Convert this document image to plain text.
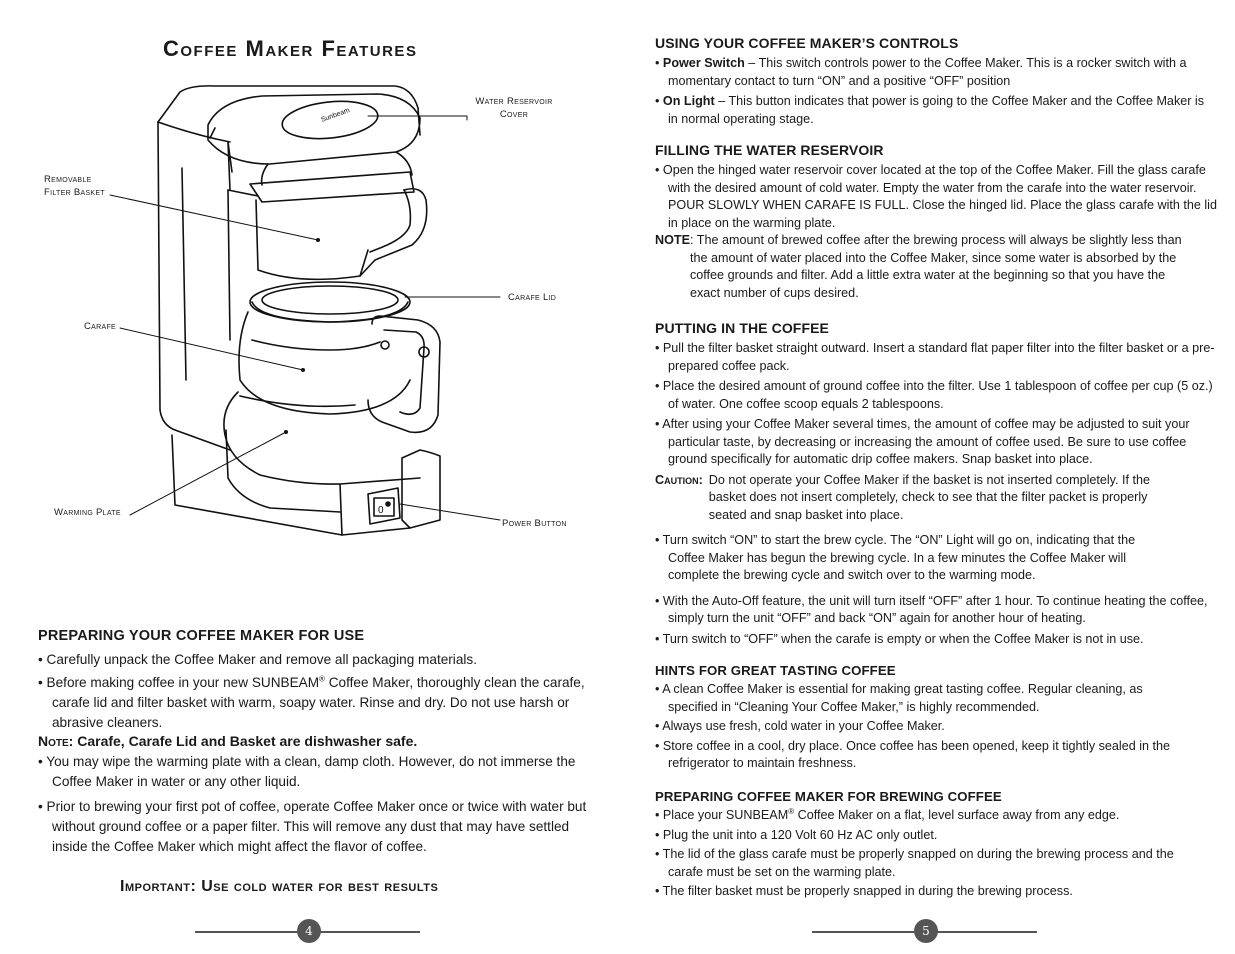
Coffee Maker Features
Sunbeam
0
Water Reservoir
Cover
Removable
Filter Basket
Carafe Lid
Carafe
Warming Plate
Power Button
PREPARING YOUR COFFEE MAKER FOR USE

• Carefully unpack the Coffee Maker and remove all packaging materials.

• Before making coffee in your new SUNBEAM® Coffee Maker, thoroughly clean the carafe, carafe lid and filter basket with warm, soapy water. Rinse and dry. Do not use harsh or abrasive cleaners.

Note: Carafe, Carafe Lid and Basket are dishwasher safe.

• You may wipe the warming plate with a clean, damp cloth. However, do not immerse the Coffee Maker in water or any other liquid.

• Prior to brewing your first pot of coffee, operate Coffee Maker once or twice with water but without ground coffee or a paper filter. This will remove any dust that may have settled inside the Coffee Maker which might affect the flavor of coffee.

Important: Use cold water for best results
4
USING YOUR COFFEE MAKER’S CONTROLS

• Power Switch – This switch controls power to the Coffee Maker. This is a rocker switch with a momentary contact to turn “ON” and a positive “OFF” position

• On Light – This button indicates that power is going to the Coffee Maker and the Coffee Maker is in normal operating stage.

FILLING THE WATER RESERVOIR

• Open the hinged water reservoir cover located at the top of the Coffee Maker. Fill the glass carafe with the desired amount of cold water. Empty the water from the carafe into the water reservoir. POUR SLOWLY WHEN CARAFE IS FULL. Close the hinged lid. Place the glass carafe with the lid in place on the warming plate.

NOTE : The amount of brewed coffee after the brewing process will always be slightly less than the amount of water placed into the Coffee Maker, since some water is absorbed by the coffee grounds and filter. Add a little extra water at the beginning so that you have the exact number of cups desired.
PUTTING IN THE COFFEE

• Pull the filter basket straight outward. Insert a standard flat paper filter into the filter basket or a pre-prepared coffee pack.

• Place the desired amount of ground coffee into the filter. Use 1 tablespoon of coffee per cup (5 oz.) of water. One coffee scoop equals 2 tablespoons.

• After using your Coffee Maker several times, the amount of coffee may be adjusted to suit your particular taste, by decreasing or increasing the amount of coffee used. Be sure to use coffee ground specifically for automatic drip coffee makers. Snap basket into place.

Caution: Do not operate your Coffee Maker if the basket is not inserted completely. If the basket does not insert completely, check to see that the filter packet is properly seated and snap basket into place.

• Turn switch “ON” to start the brew cycle. The “ON” Light will go on, indicating that the Coffee Maker has begun the brewing cycle. In a few minutes the Coffee Maker will complete the brewing cycle and switch over to the warming mode.

• With the Auto-Off feature, the unit will turn itself “OFF” after 1 hour. To continue heating the coffee, simply turn the unit “OFF” and back “ON” again for another hour of heating.

• Turn switch to “OFF” when the carafe is empty or when the Coffee Maker is not in use.

HINTS FOR GREAT TASTING COFFEE

• A clean Coffee Maker is essential for making great tasting coffee. Regular cleaning, as specified in “Cleaning Your Coffee Maker,” is highly recommended.

• Always use fresh, cold water in your Coffee Maker.

• Store coffee in a cool, dry place. Once coffee has been opened, keep it tightly sealed in the refrigerator to maintain freshness.

PREPARING COFFEE MAKER FOR BREWING COFFEE

• Place your SUNBEAM® Coffee Maker on a flat, level surface away from any edge.

• Plug the unit into a 120 Volt 60 Hz AC only outlet.

• The lid of the glass carafe must be properly snapped on during the brewing process and the carafe must be set on the warming plate.

• The filter basket must be properly snapped in during the brewing process.

5
